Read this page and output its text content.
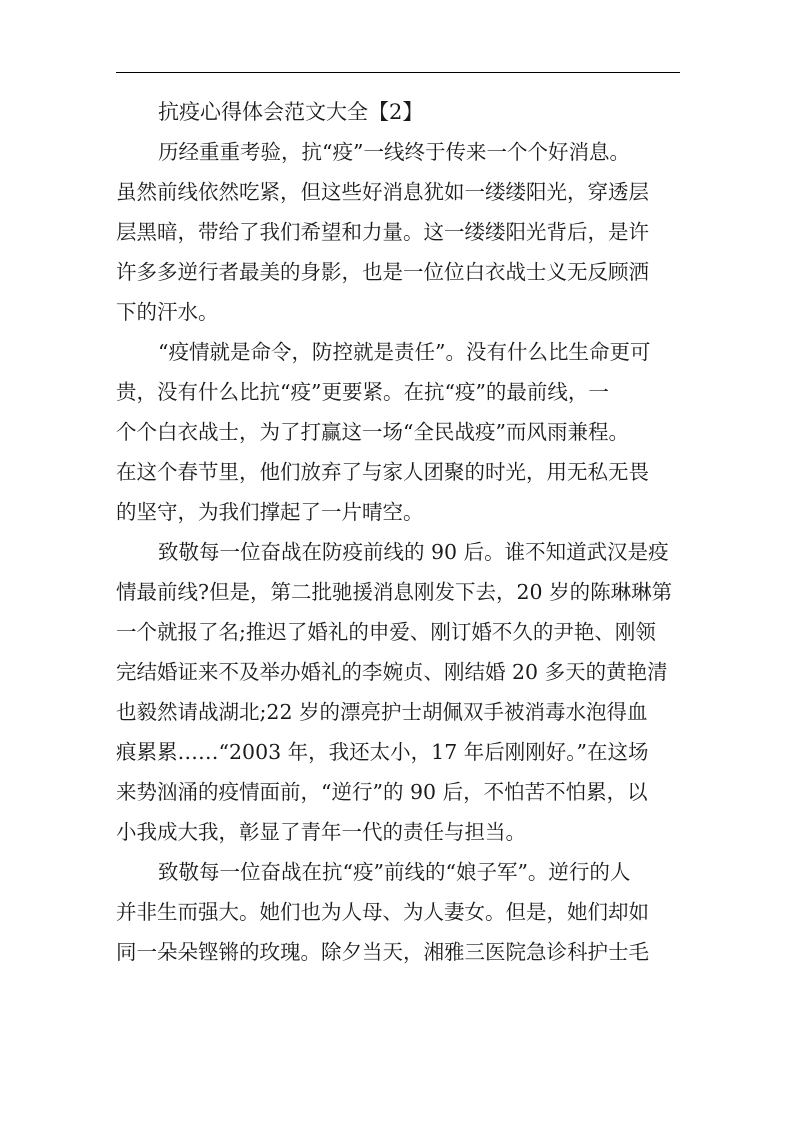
抗疫心得体会范文大全【2】
历经重重考验，抗“疫”一线终于传来一个个好消息。
虽然前线依然吃紧，但这些好消息犹如一缕缕阳光，穿透层
层黑暗，带给了我们希望和力量。这一缕缕阳光背后，是许
许多多逆行者最美的身影，也是一位位白衣战士义无反顾洒
下的汗水。
“疫情就是命令，防控就是责任”。没有什么比生命更可
贵，没有什么比抗“疫”更要紧。在抗“疫”的最前线，一
个个白衣战士，为了打赢这一场“全民战疫”而风雨兼程。
在这个春节里，他们放弃了与家人团聚的时光，用无私无畏
的坚守，为我们撑起了一片晴空。
致敬每一位奋战在防疫前线的 90 后。谁不知道武汉是疫
情最前线?但是，第二批驰援消息刚发下去，20 岁的陈琳琳第
一个就报了名;推迟了婚礼的申爱、刚订婚不久的尹艳、刚领
完结婚证来不及举办婚礼的李婉贞、刚结婚 20 多天的黄艳清
也毅然请战湖北;22 岁的漂亮护士胡佩双手被消毒水泡得血
痕累累……“2003 年，我还太小，17 年后刚刚好。”在这场
来势汹涌的疫情面前，“逆行”的 90 后，不怕苦不怕累，以
小我成大我，彰显了青年一代的责任与担当。
致敬每一位奋战在抗“疫”前线的“娘子军”。逆行的人
并非生而强大。她们也为人母、为人妻女。但是，她们却如
同一朵朵铿锵的玫瑰。除夕当天，湘雅三医院急诊科护士毛
